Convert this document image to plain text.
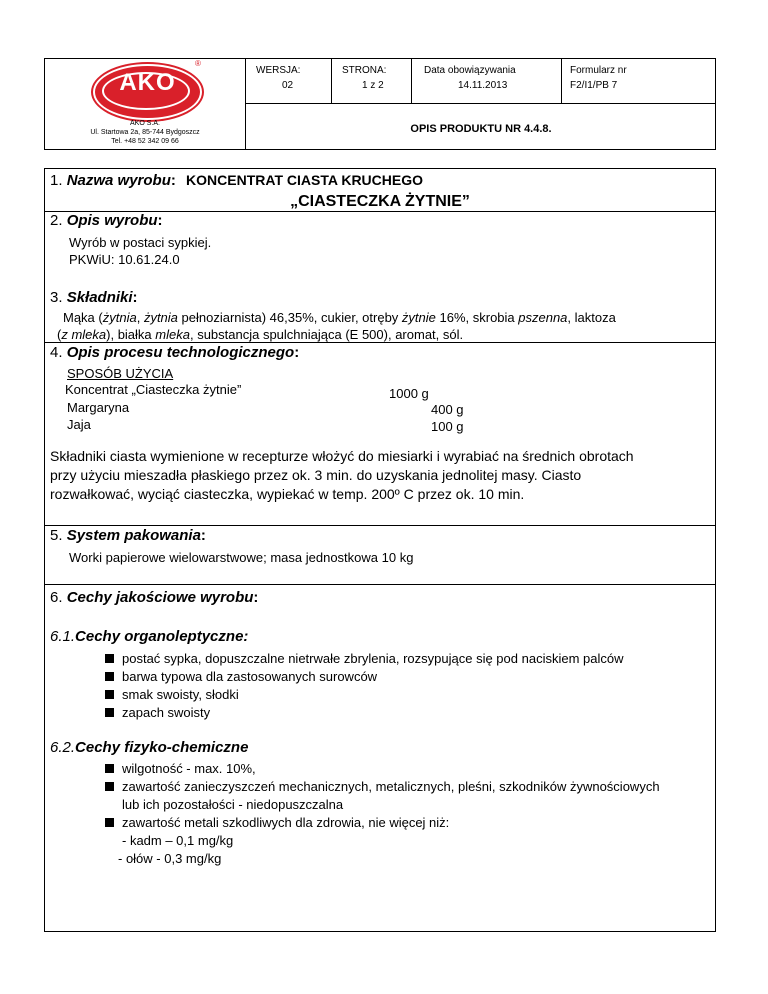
AKO
®
AKO S.A.
Ul. Startowa 2a, 85-744 Bydgoszcz
Tel. +48 52 342 09 66
WERSJA:
02
STRONA:
1 z 2
Data obowiązywania
14.11.2013
Formularz nr
F2/I1/PB 7
OPIS PRODUKTU NR 4.4.8.
1. Nazwa wyrobu: KONCENTRAT CIASTA KRUCHEGO
„CIASTECZKA ŻYTNIE”
2. Opis wyrobu:
Wyrób w postaci sypkiej.
PKWiU: 10.61.24.0
3. Składniki:
Mąka (żytnia, żytnia pełnoziarnista) 46,35%, cukier, otręby żytnie 16%, skrobia pszenna, laktoza
(z mleka), białka mleka, substancja spulchniająca (E 500), aromat, sól.
4. Opis procesu technologicznego:
SPOSÓB UŻYCIA
Koncentrat „Ciasteczka żytnie”	1000 g
Margaryna	400 g
Jaja	100 g
Składniki ciasta wymienione w recepturze włożyć do miesiarki i wyrabiać na średnich obrotach
przy użyciu mieszadła płaskiego przez ok. 3 min. do uzyskania jednolitej masy. Ciasto
rozwałkować, wyciąć ciasteczka, wypiekać w temp. 200º C przez ok. 10 min.
5. System pakowania:
Worki papierowe wielowarstwowe; masa jednostkowa 10 kg
6. Cechy jakościowe wyrobu:
6.1.Cechy organoleptyczne:
postać sypka, dopuszczalne nietrwałe zbrylenia, rozsypujące się pod naciskiem palców
barwa typowa dla zastosowanych surowców
smak swoisty, słodki
zapach swoisty
6.2.Cechy fizyko-chemiczne
wilgotność - max. 10%,
zawartość zanieczyszczeń mechanicznych, metalicznych, pleśni, szkodników żywnościowych
lub ich pozostałości - niedopuszczalna
zawartość metali szkodliwych dla zdrowia, nie więcej niż:
- kadm – 0,1 mg/kg
- ołów - 0,3 mg/kg
